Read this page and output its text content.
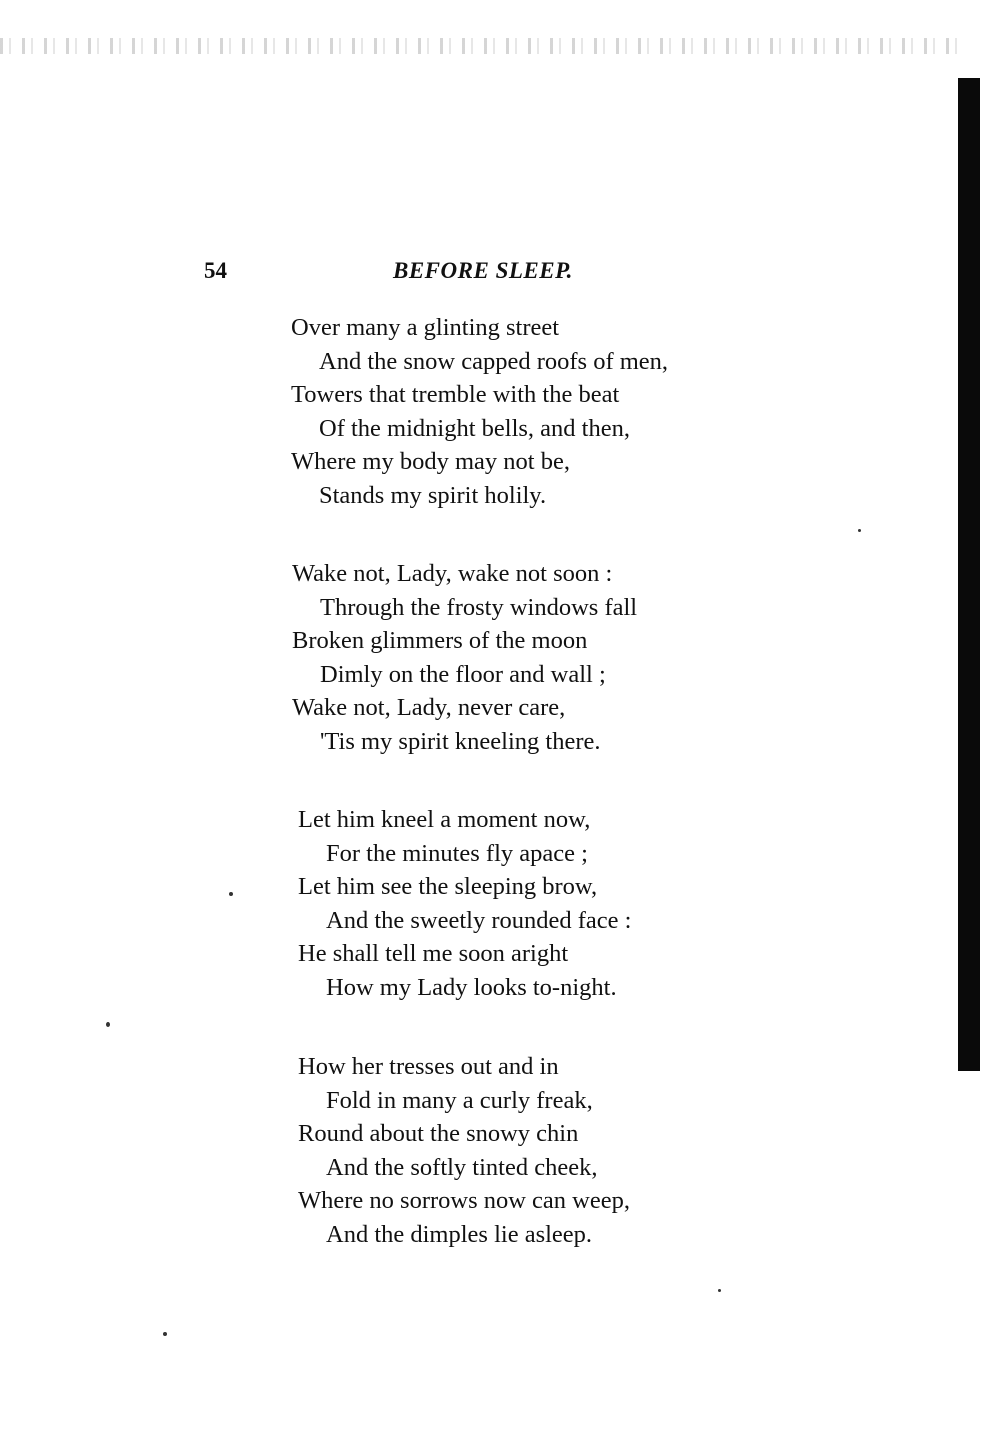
54	BEFORE SLEEP.
Over many a glinting street
And the snow capped roofs of men,
Towers that tremble with the beat
Of the midnight bells, and then,
Where my body may not be,
Stands my spirit holily.
Wake not, Lady, wake not soon :
Through the frosty windows fall
Broken glimmers of the moon
Dimly on the floor and wall ;
Wake not, Lady, never care,
'Tis my spirit kneeling there.
Let him kneel a moment now,
For the minutes fly apace ;
Let him see the sleeping brow,
And the sweetly rounded face :
He shall tell me soon aright
How my Lady looks to-night.
How her tresses out and in
Fold in many a curly freak,
Round about the snowy chin
And the softly tinted cheek,
Where no sorrows now can weep,
And the dimples lie asleep.
